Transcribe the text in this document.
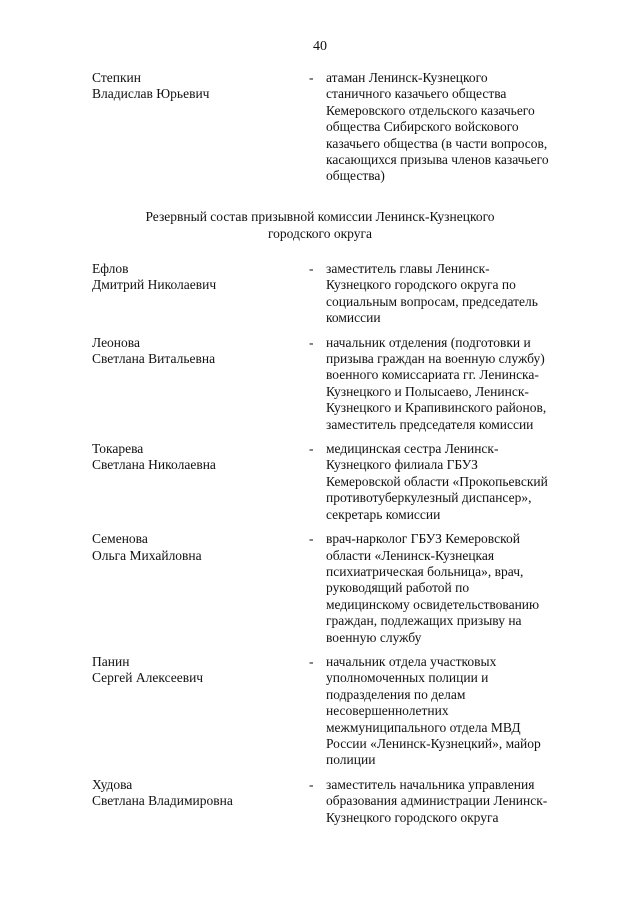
40
Степкин
Владислав Юрьевич
- атаман Ленинск-Кузнецкого
станичного казачьего общества
Кемеровского отдельского казачьего
общества Сибирского войскового
казачьего общества (в части вопросов,
касающихся призыва членов казачьего
общества)
Резервный состав призывной комиссии Ленинск-Кузнецкого
городского округа
Ефлов
Дмитрий Николаевич
- заместитель главы Ленинск-
Кузнецкого городского округа по
социальным вопросам, председатель
комиссии
Леонова
Светлана Витальевна
- начальник отделения (подготовки и
призыва граждан на военную службу)
военного комиссариата гг. Ленинска-
Кузнецкого и Полысаево, Ленинск-
Кузнецкого и Крапивинского районов,
заместитель председателя комиссии
Токарева
Светлана Николаевна
- медицинская сестра Ленинск-
Кузнецкого филиала ГБУЗ
Кемеровской области «Прокопьевский
противотуберкулезный диспансер»,
секретарь комиссии
Семенова
Ольга Михайловна
- врач-нарколог ГБУЗ Кемеровской
области «Ленинск-Кузнецкая
психиатрическая больница», врач,
руководящий работой по
медицинскому освидетельствованию
граждан, подлежащих призыву на
военную службу
Панин
Сергей Алексеевич
- начальник отдела участковых
уполномоченных полиции и
подразделения по делам
несовершеннолетних
межмуниципального отдела МВД
России «Ленинск-Кузнецкий», майор
полиции
Худова
Светлана Владимировна
- заместитель начальника управления
образования администрации Ленинск-
Кузнецкого городского округа
